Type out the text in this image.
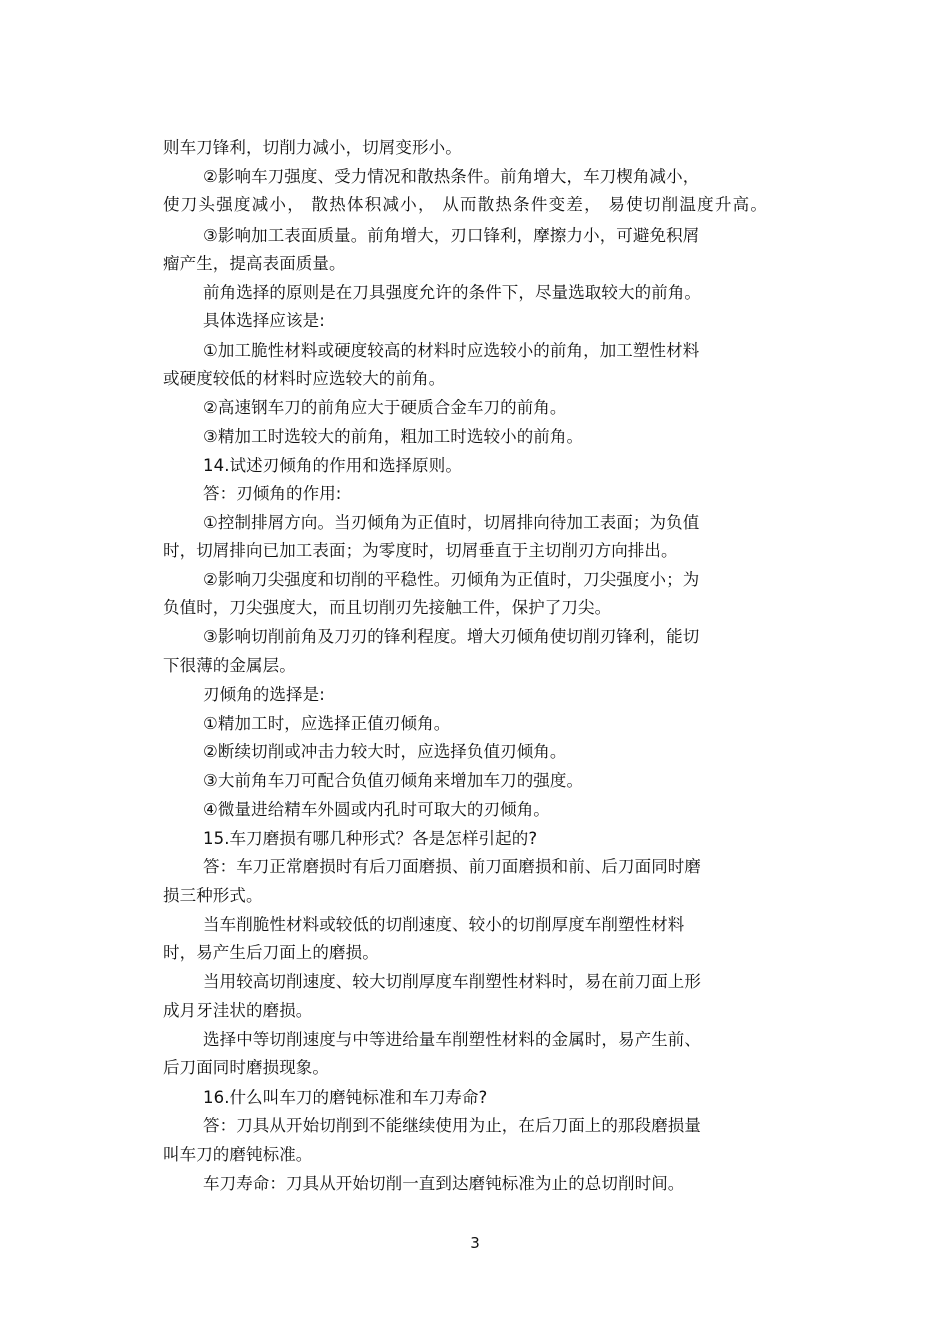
则车刀锋利，切削力减小，切屑变形小。
②影响车刀强度、受力情况和散热条件。前角增大，车刀楔角减小，
使刀头强度减小， 散热体积减小， 从而散热条件变差， 易使切削温度升高。
③影响加工表面质量。前角增大，刃口锋利，摩擦力小，可避免积屑
瘤产生，提高表面质量。
前角选择的原则是在刀具强度允许的条件下，尽量选取较大的前角。
具体选择应该是:
①加工脆性材料或硬度较高的材料时应选较小的前角，加工塑性材料
或硬度较低的材料时应选较大的前角。
②高速钢车刀的前角应大于硬质合金车刀的前角。
③精加工时选较大的前角，粗加工时选较小的前角。
14.试述刃倾角的作用和选择原则。
答：刃倾角的作用:
①控制排屑方向。当刃倾角为正值时，切屑排向待加工表面；为负值
时，切屑排向已加工表面；为零度时，切屑垂直于主切削刃方向排出。
②影响刀尖强度和切削的平稳性。刃倾角为正值时，刀尖强度小；为
负值时，刀尖强度大，而且切削刃先接触工件，保护了刀尖。
③影响切削前角及刀刃的锋利程度。增大刃倾角使切削刃锋利，能切
下很薄的金属层。
刃倾角的选择是:
①精加工时，应选择正值刃倾角。
②断续切削或冲击力较大时，应选择负值刃倾角。
③大前角车刀可配合负值刃倾角来增加车刀的强度。
④微量进给精车外圆或内孔时可取大的刃倾角。
15.车刀磨损有哪几种形式？各是怎样引起的?
答：车刀正常磨损时有后刀面磨损、前刀面磨损和前、后刀面同时磨
损三种形式。
当车削脆性材料或较低的切削速度、较小的切削厚度车削塑性材料
时，易产生后刀面上的磨损。
当用较高切削速度、较大切削厚度车削塑性材料时，易在前刀面上形
成月牙洼状的磨损。
选择中等切削速度与中等进给量车削塑性材料的金属时，易产生前、
后刀面同时磨损现象。
16.什么叫车刀的磨钝标准和车刀寿命?
答：刀具从开始切削到不能继续使用为止，在后刀面上的那段磨损量
叫车刀的磨钝标准。
车刀寿命：刀具从开始切削一直到达磨钝标准为止的总切削时间。
3
